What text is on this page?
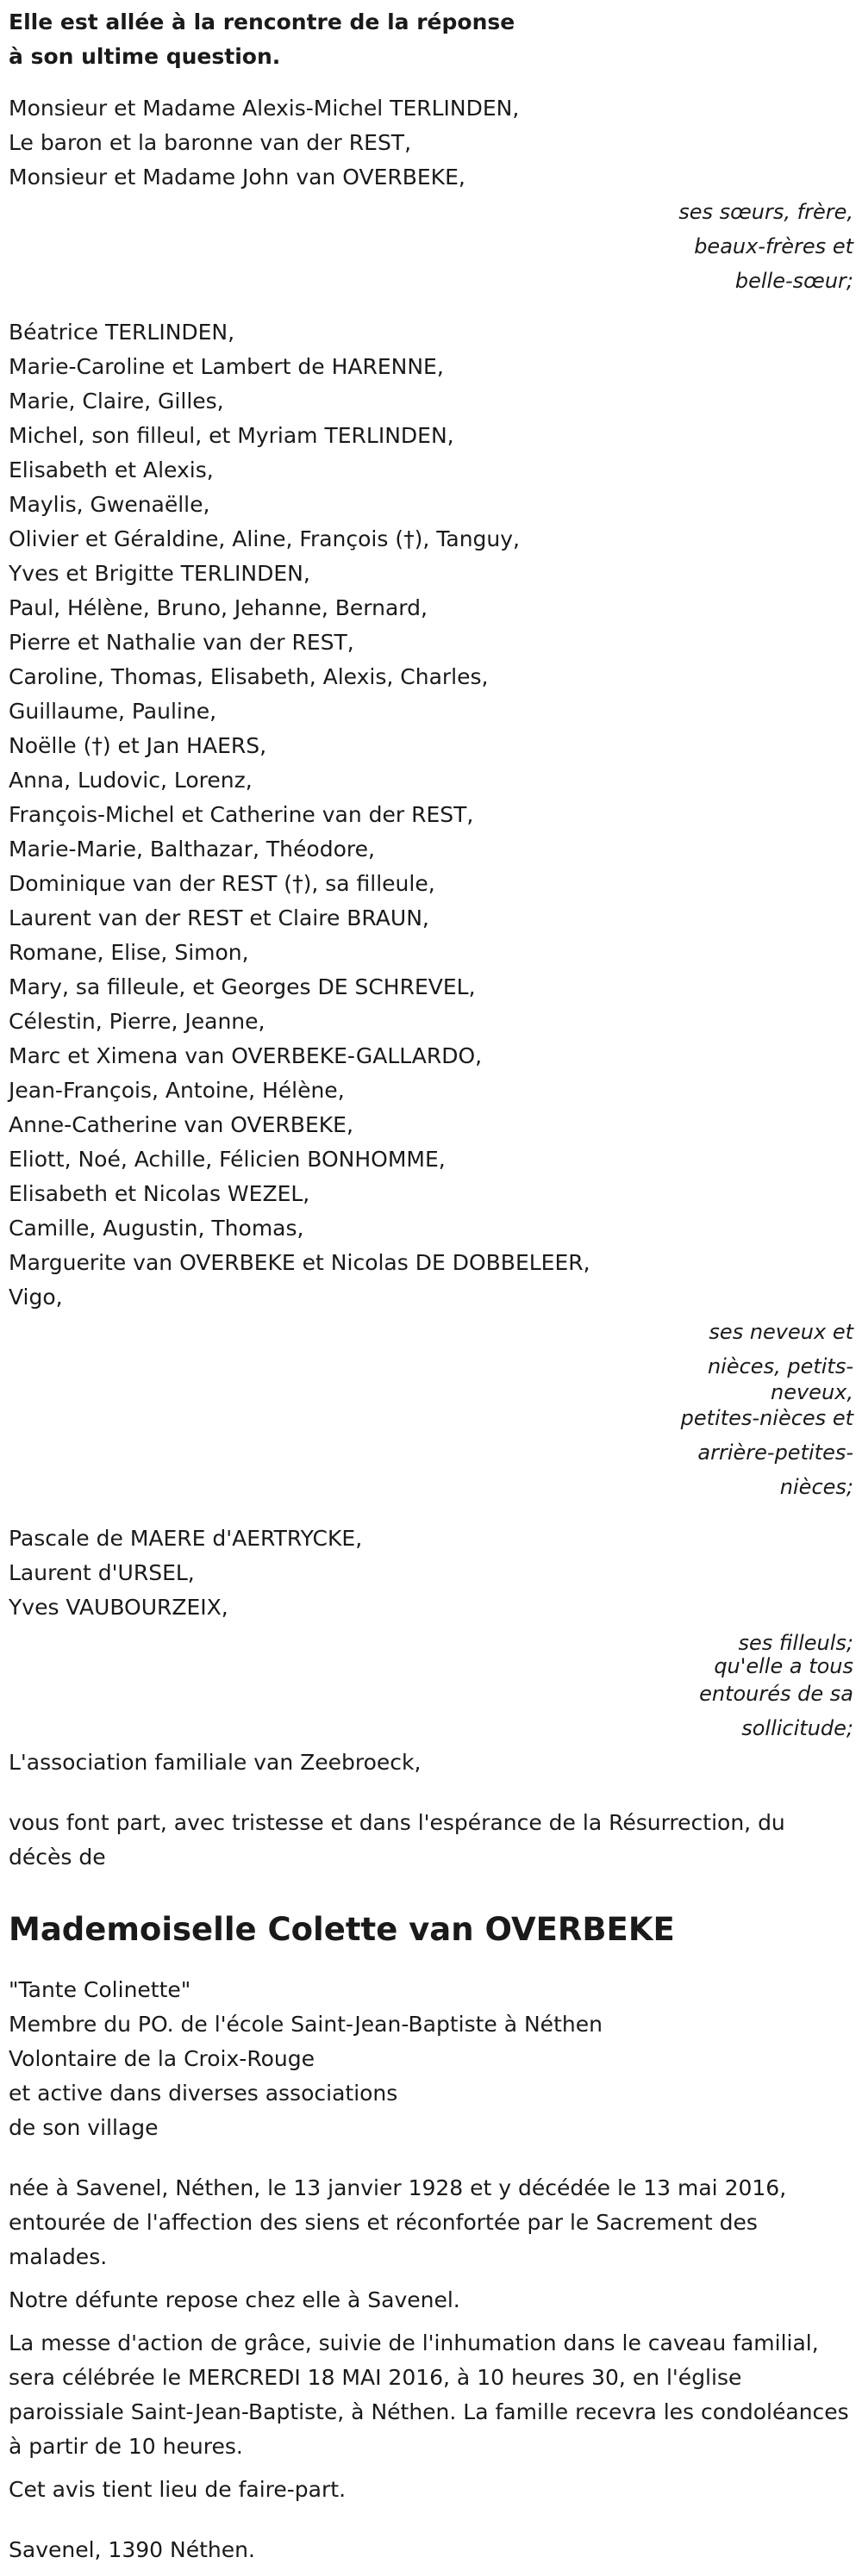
Elle est allée à la rencontre de la réponse
à son ultime question.
Monsieur et Madame Alexis-Michel TERLINDEN,
Le baron et la baronne van der REST,
Monsieur et Madame John van OVERBEKE,
ses sœurs, frère,
beaux-frères et
belle-sœur;
Béatrice TERLINDEN,
Marie-Caroline et Lambert de HARENNE,
Marie, Claire, Gilles,
Michel, son filleul, et Myriam TERLINDEN,
Elisabeth et Alexis,
Maylis, Gwenaëlle,
Olivier et Géraldine, Aline, François (†), Tanguy,
Yves et Brigitte TERLINDEN,
Paul, Hélène, Bruno, Jehanne, Bernard,
Pierre et Nathalie van der REST,
Caroline, Thomas, Elisabeth, Alexis, Charles,
Guillaume, Pauline,
Noëlle (†) et Jan HAERS,
Anna, Ludovic, Lorenz,
François-Michel et Catherine van der REST,
Marie-Marie, Balthazar, Théodore,
Dominique van der REST (†), sa filleule,
Laurent van der REST et Claire BRAUN,
Romane, Elise, Simon,
Mary, sa filleule, et Georges DE SCHREVEL,
Célestin, Pierre, Jeanne,
Marc et Ximena van OVERBEKE-GALLARDO,
Jean-François, Antoine, Hélène,
Anne-Catherine van OVERBEKE,
Eliott, Noé, Achille, Félicien BONHOMME,
Elisabeth et Nicolas WEZEL,
Camille, Augustin, Thomas,
Marguerite van OVERBEKE et Nicolas DE DOBBELEER,
Vigo,
ses neveux et
nièces, petits-
neveux,
petites-nièces et
arrière-petites-
nièces;
Pascale de MAERE d'AERTRYCKE,
Laurent d'URSEL,
Yves VAUBOURZEIX,
ses filleuls;
qu'elle a tous
entourés de sa
sollicitude;
L'association familiale van Zeebroeck,
vous font part, avec tristesse et dans l'espérance de la Résurrection, du décès de
Mademoiselle Colette van OVERBEKE
"Tante Colinette"
Membre du PO. de l'école Saint-Jean-Baptiste à Néthen
Volontaire de la Croix-Rouge
et active dans diverses associations
de son village
née à Savenel, Néthen, le 13 janvier 1928 et y décédée le 13 mai 2016, entourée de l'affection des siens et réconfortée par le Sacrement des malades.
Notre défunte repose chez elle à Savenel.
La messe d'action de grâce, suivie de l'inhumation dans le caveau familial, sera célébrée le MERCREDI 18 MAI 2016, à 10 heures 30, en l'église paroissiale Saint-Jean-Baptiste, à Néthen. La famille recevra les condoléances à partir de 10 heures.
Cet avis tient lieu de faire-part.
Savenel, 1390 Néthen.
